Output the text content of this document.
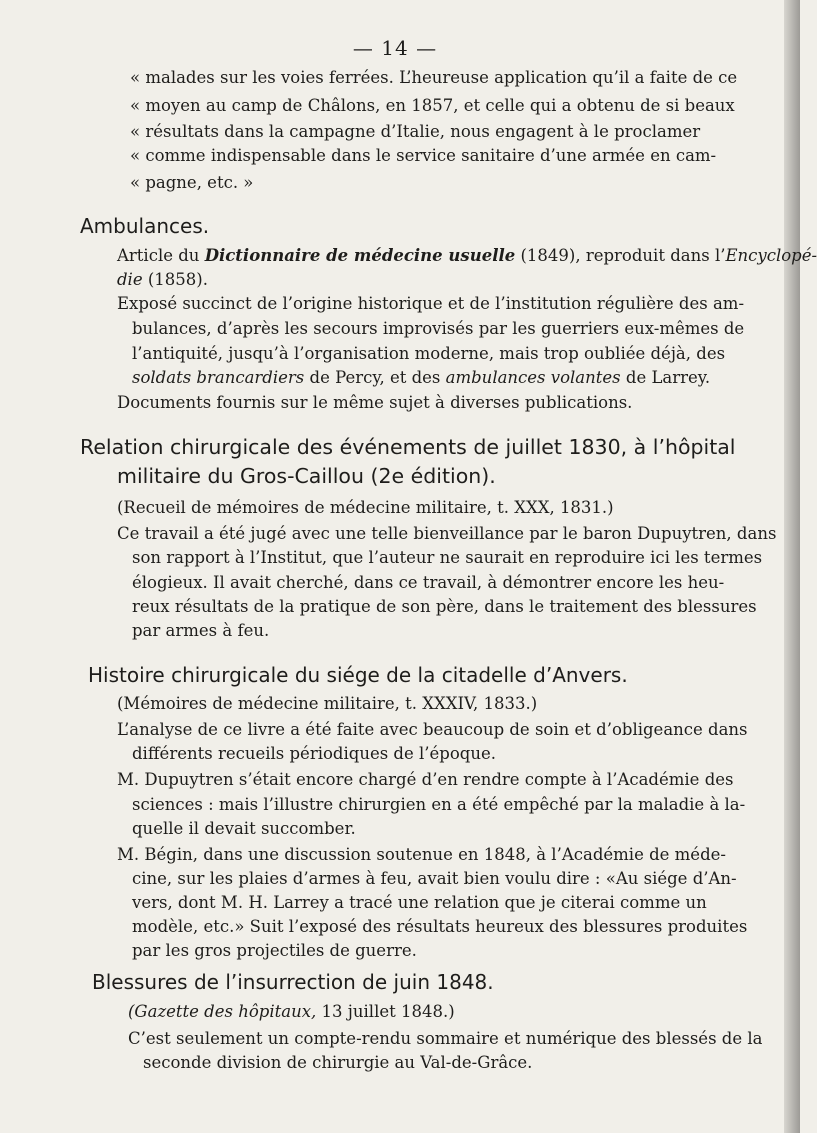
— 14 —
« malades sur les voies ferrées. L’heureuse application qu’il a faite de ce
« moyen au camp de Châlons, en 1857, et celle qui a obtenu de si beaux
« résultats dans la campagne d’Italie, nous engagent à le proclamer
« comme indispensable dans le service sanitaire d’une armée en cam-
« pagne, etc. »
Ambulances.
Article du Dictionnaire de médecine usuelle (1849), reproduit dans l’Encyclopé-
die (1858).
Exposé succinct de l’origine historique et de l’institution régulière des am-
bulances, d’après les secours improvisés par les guerriers eux-mêmes de
l’antiquité, jusqu’à l’organisation moderne, mais trop oubliée déjà, des
soldats brancardiers de Percy, et des ambulances volantes de Larrey.
Documents fournis sur le même sujet à diverses publications.
Relation chirurgicale des événements de juillet 1830, à l’hôpital
militaire du Gros-Caillou (2e édition).
(Recueil de mémoires de médecine militaire, t. XXX, 1831.)
Ce travail a été jugé avec une telle bienveillance par le baron Dupuytren, dans
son rapport à l’Institut, que l’auteur ne saurait en reproduire ici les termes
élogieux. Il avait cherché, dans ce travail, à démontrer encore les heu-
reux résultats de la pratique de son père, dans le traitement des blessures
par armes à feu.
Histoire chirurgicale du siége de la citadelle d’Anvers.
(Mémoires de médecine militaire, t. XXXIV, 1833.)
L’analyse de ce livre a été faite avec beaucoup de soin et d’obligeance dans
différents recueils périodiques de l’époque.
M. Dupuytren s’était encore chargé d’en rendre compte à l’Académie des
sciences : mais l’illustre chirurgien en a été empêché par la maladie à la-
quelle il devait succomber.
M. Bégin, dans une discussion soutenue en 1848, à l’Académie de méde-
cine, sur les plaies d’armes à feu, avait bien voulu dire : «Au siége d’An-
vers, dont M. H. Larrey a tracé une relation que je citerai comme un
modèle, etc.» Suit l’exposé des résultats heureux des blessures produites
par les gros projectiles de guerre.
Blessures de l’insurrection de juin 1848.
(Gazette des hôpitaux, 13 juillet 1848.)
C’est seulement un compte-rendu sommaire et numérique des blessés de la
seconde division de chirurgie au Val-de-Grâce.
